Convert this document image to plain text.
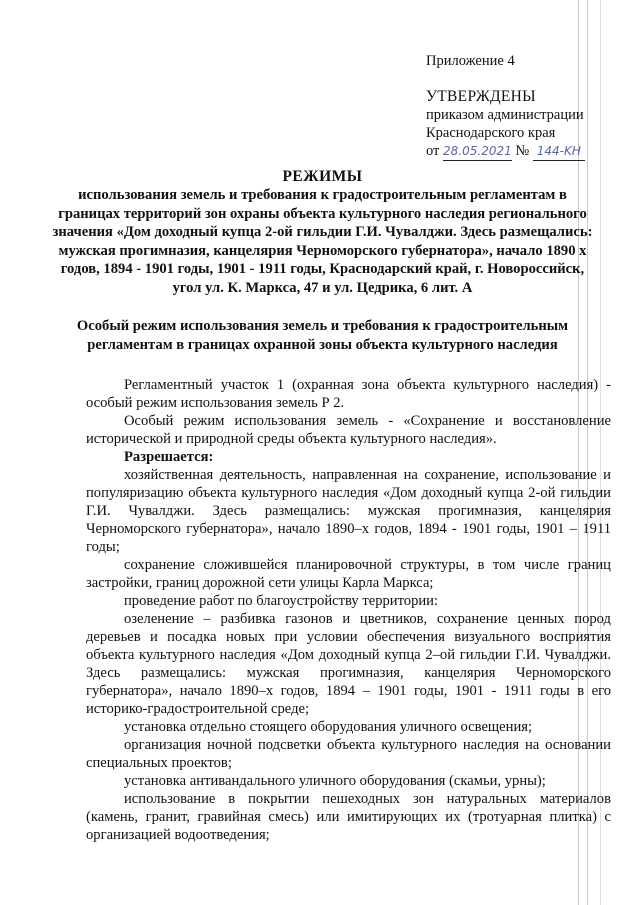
Приложение 4
УТВЕРЖДЕНЫ
приказом администрации
Краснодарского края
от 28.05.2021 № 144-KН
РЕЖИМЫ
использования земель и требования к градостроительным регламентам в границах территорий зон охраны объекта культурного наследия регионального значения «Дом доходный купца 2-ой гильдии Г.И. Чувалджи. Здесь размещались: мужская прогимназия, канцелярия Черноморского губернатора», начало 1890 х годов, 1894 - 1901 годы, 1901 - 1911 годы, Краснодарский край, г. Новороссийск, угол ул. К. Маркса, 47 и ул. Цедрика, 6 лит. А
Особый режим использования земель и требования к градостроительным регламентам в границах охранной зоны объекта культурного наследия

Регламентный участок 1 (охранная зона объекта культурного наследия) - особый режим использования земель Р 2.

Особый режим использования земель - «Сохранение и восстановление исторической и природной среды объекта культурного наследия».

Разрешается:

хозяйственная деятельность, направленная на сохранение, использование и популяризацию объекта культурного наследия «Дом доходный купца 2-ой гильдии Г.И. Чувалджи. Здесь размещались: мужская прогимназия, канцелярия Черноморского губернатора», начало 1890–х годов, 1894 - 1901 годы, 1901 – 1911 годы;

сохранение сложившейся планировочной структуры, в том числе границ застройки, границ дорожной сети улицы Карла Маркса;

проведение работ по благоустройству территории:

озеленение – разбивка газонов и цветников, сохранение ценных пород деревьев и посадка новых при условии обеспечения визуального восприятия объекта культурного наследия «Дом доходный купца 2–ой гильдии Г.И. Чувалджи. Здесь размещались: мужская прогимназия, канцелярия Черноморского губернатора», начало 1890–х годов, 1894 – 1901 годы, 1901 - 1911 годы в его историко-градостроительной среде;

установка отдельно стоящего оборудования уличного освещения;

организация ночной подсветки объекта культурного наследия на основании специальных проектов;

установка антивандального уличного оборудования (скамьи, урны);

использование в покрытии пешеходных зон натуральных материалов (камень, гранит, гравийная смесь) или имитирующих их (тротуарная плитка) с организацией водоотведения;
